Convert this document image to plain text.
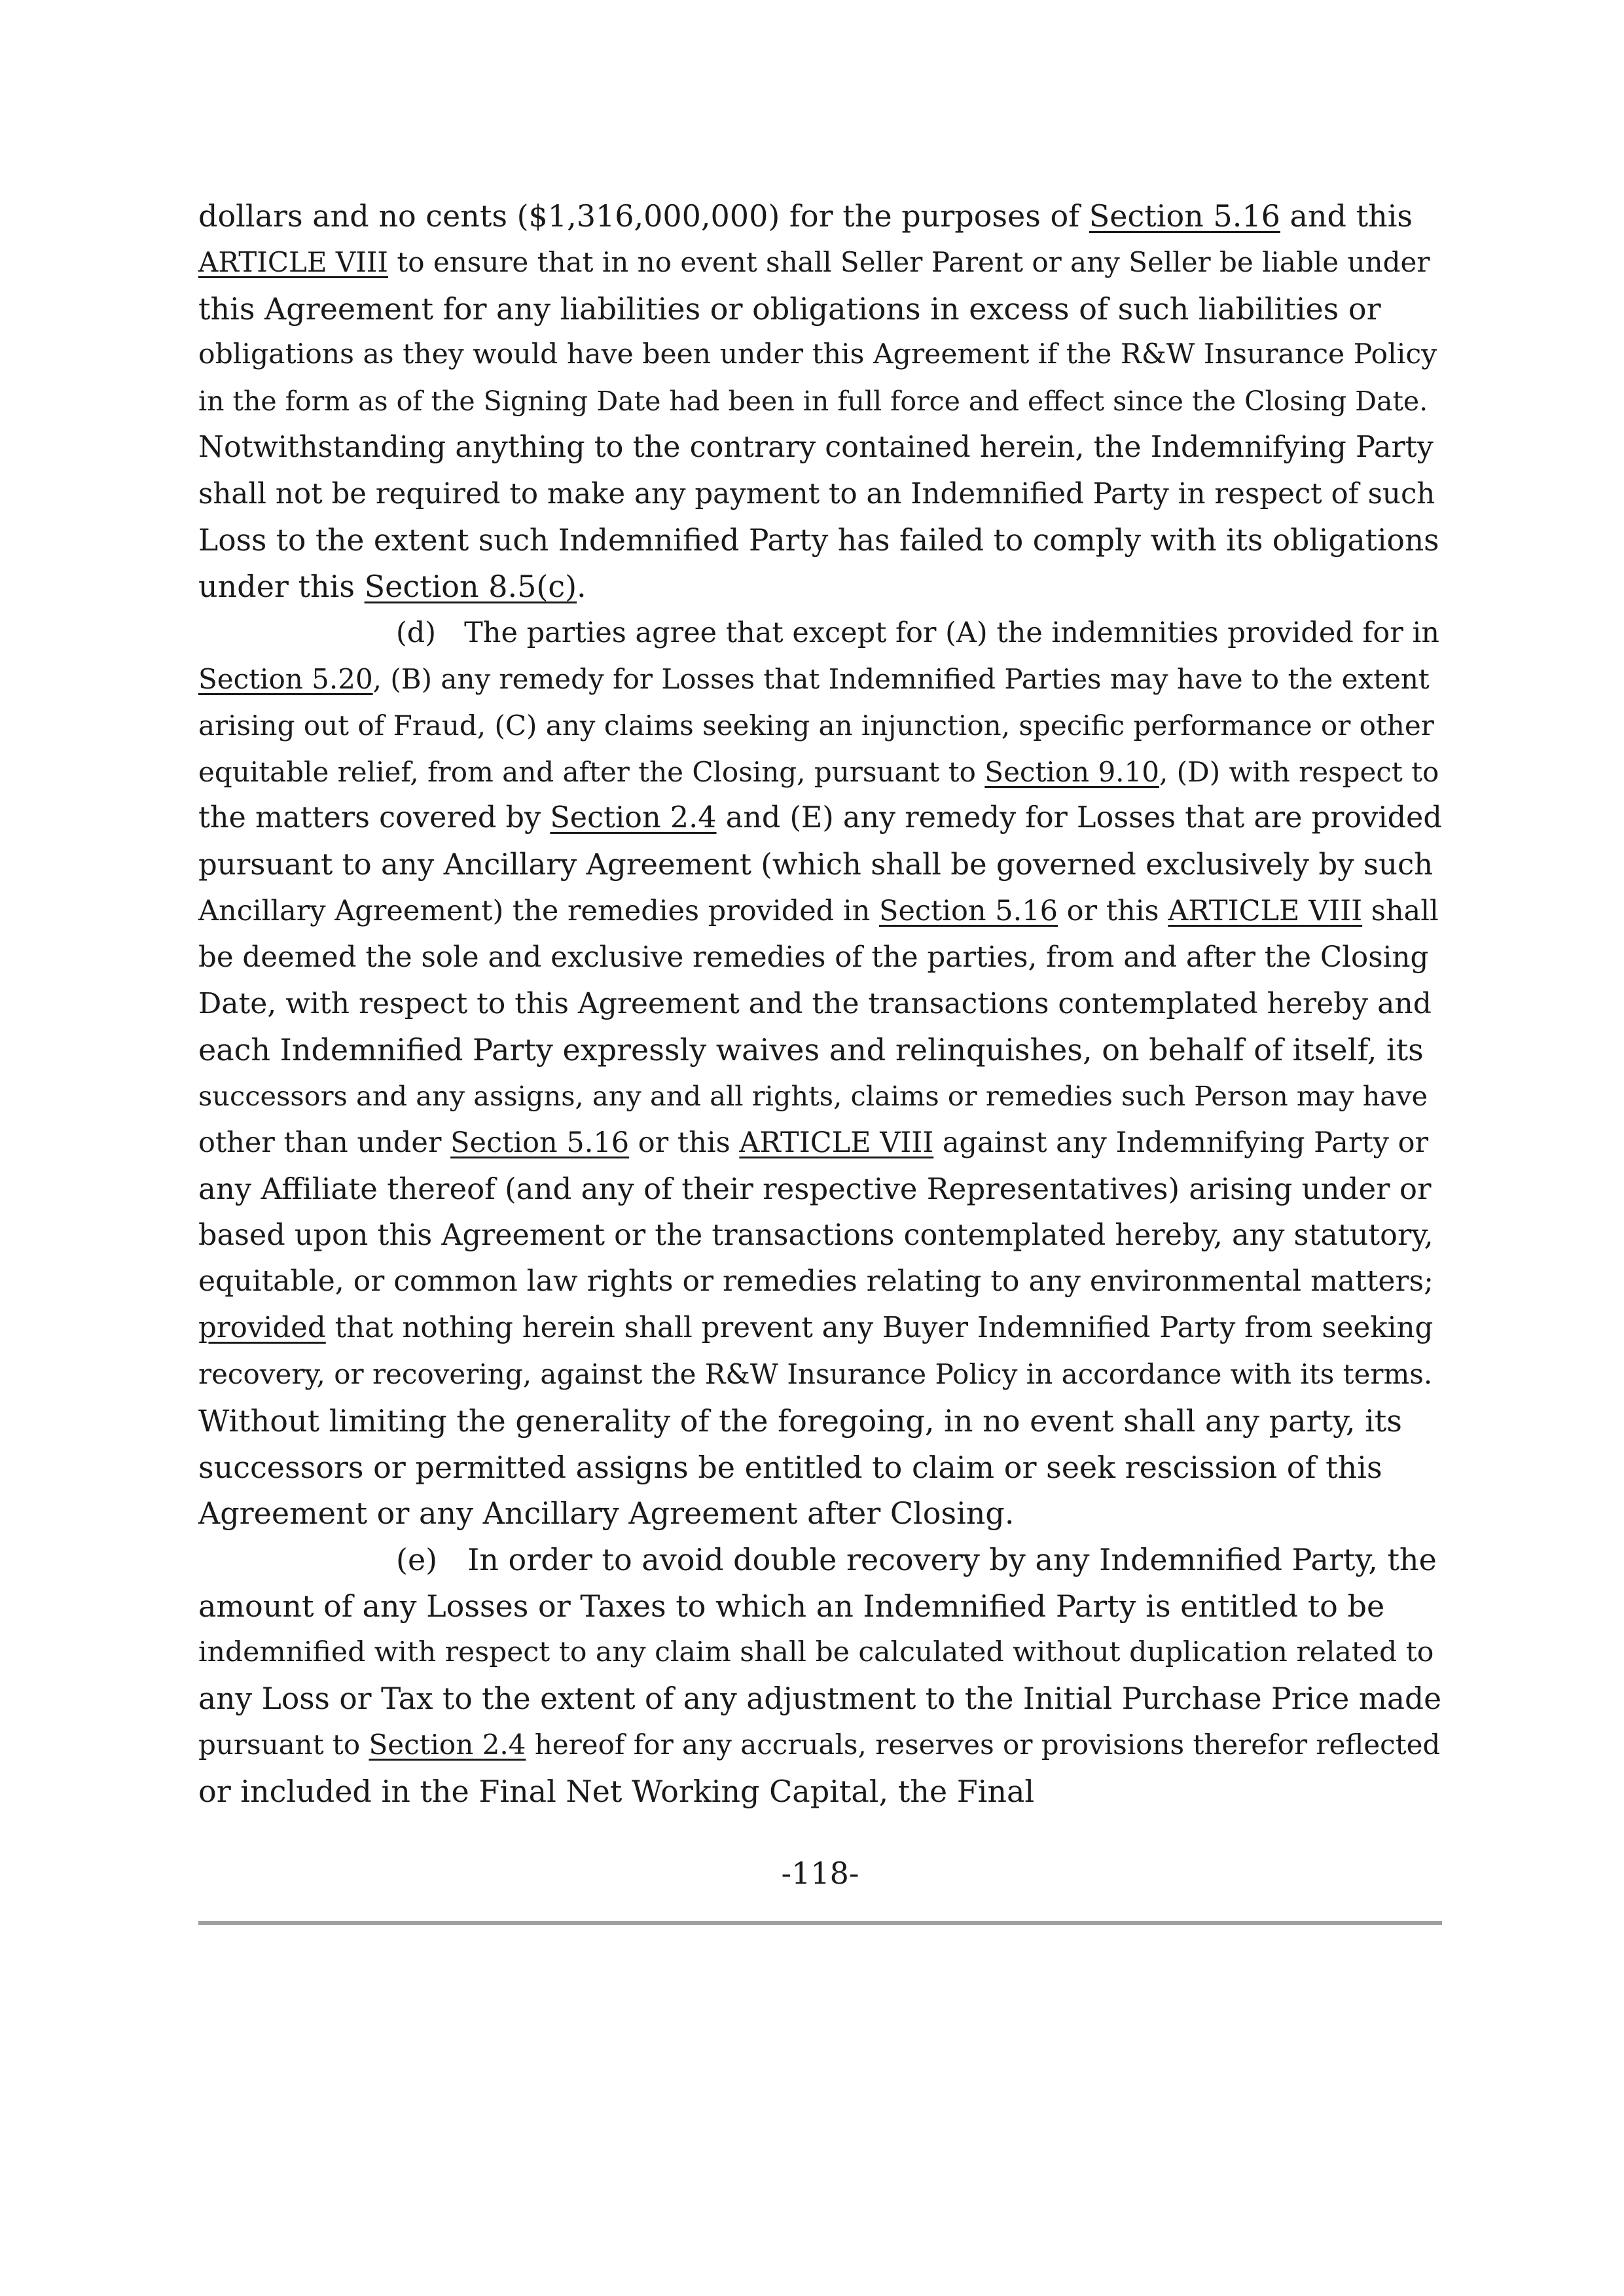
dollars and no cents ($1,316,000,000) for the purposes of Section 5.16 and this
ARTICLE VIII to ensure that in no event shall Seller Parent or any Seller be liable under
this Agreement for any liabilities or obligations in excess of such liabilities or
obligations as they would have been under this Agreement if the R&W Insurance Policy
in the form as of the Signing Date had been in full force and effect since the Closing Date.
Notwithstanding anything to the contrary contained herein, the Indemnifying Party
shall not be required to make any payment to an Indemnified Party in respect of such
Loss to the extent such Indemnified Party has failed to comply with its obligations
under this Section 8.5(c).
(d) The parties agree that except for (A) the indemnities provided for in
Section 5.20, (B) any remedy for Losses that Indemnified Parties may have to the extent
arising out of Fraud, (C) any claims seeking an injunction, specific performance or other
equitable relief, from and after the Closing, pursuant to Section 9.10, (D) with respect to
the matters covered by Section 2.4 and (E) any remedy for Losses that are provided
pursuant to any Ancillary Agreement (which shall be governed exclusively by such
Ancillary Agreement) the remedies provided in Section 5.16 or this ARTICLE VIII shall
be deemed the sole and exclusive remedies of the parties, from and after the Closing
Date, with respect to this Agreement and the transactions contemplated hereby and
each Indemnified Party expressly waives and relinquishes, on behalf of itself, its
successors and any assigns, any and all rights, claims or remedies such Person may have
other than under Section 5.16 or this ARTICLE VIII against any Indemnifying Party or
any Affiliate thereof (and any of their respective Representatives) arising under or
based upon this Agreement or the transactions contemplated hereby, any statutory,
equitable, or common law rights or remedies relating to any environmental matters;
provided that nothing herein shall prevent any Buyer Indemnified Party from seeking
recovery, or recovering, against the R&W Insurance Policy in accordance with its terms.
Without limiting the generality of the foregoing, in no event shall any party, its
successors or permitted assigns be entitled to claim or seek rescission of this
Agreement or any Ancillary Agreement after Closing.
(e) In order to avoid double recovery by any Indemnified Party, the
amount of any Losses or Taxes to which an Indemnified Party is entitled to be
indemnified with respect to any claim shall be calculated without duplication related to
any Loss or Tax to the extent of any adjustment to the Initial Purchase Price made
pursuant to Section 2.4 hereof for any accruals, reserves or provisions therefor reflected
or included in the Final Net Working Capital, the Final
-118-
